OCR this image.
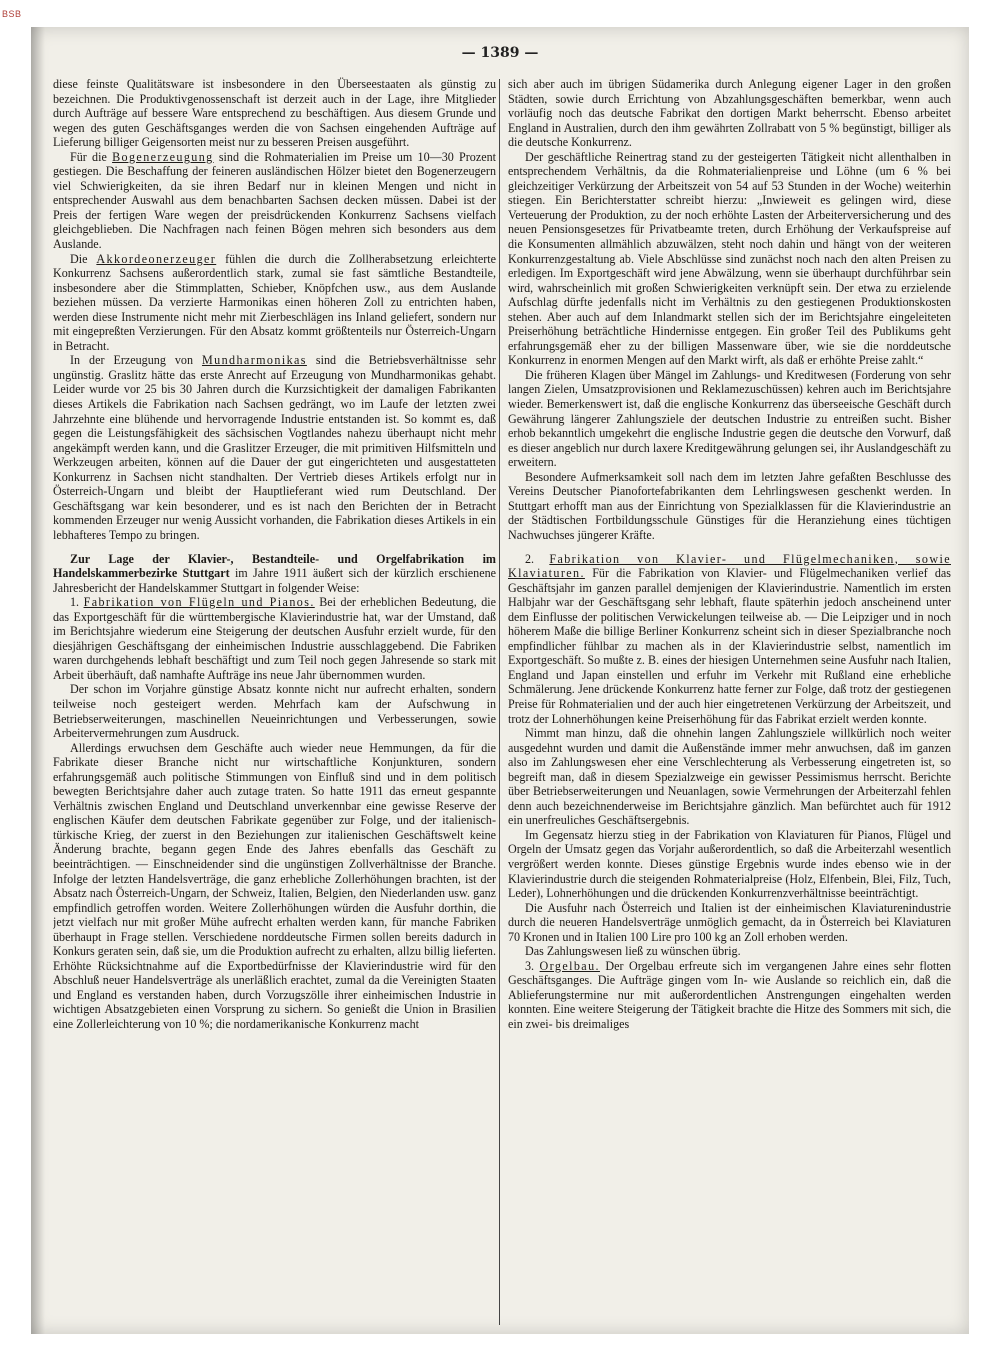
BSB
— 1389 —

diese feinste Qualitätsware ist insbesondere in den Überseestaaten als günstig zu bezeichnen. Die Produktivgenossenschaft ist derzeit auch in der Lage, ihre Mitglieder durch Aufträge auf bessere Ware entsprechend zu beschäftigen. Aus diesem Grunde und wegen des guten Geschäftsganges werden die von Sachsen eingehenden Aufträge auf Lieferung billiger Geigensorten meist nur zu besseren Preisen ausgeführt.

Für die Bogenerzeugung sind die Rohmaterialien im Preise um 10—30 Prozent gestiegen. Die Beschaffung der feineren ausländischen Hölzer bietet den Bogenerzeugern viel Schwierigkeiten, da sie ihren Bedarf nur in kleinen Mengen und nicht in entsprechender Auswahl aus dem benachbarten Sachsen decken müssen. Dabei ist der Preis der fertigen Ware wegen der preisdrückenden Konkurrenz Sachsens vielfach gleichgeblieben. Die Nachfragen nach feinen Bögen mehren sich besonders aus dem Auslande.

Die Akkordeonerzeuger fühlen die durch die Zollherabsetzung erleichterte Konkurrenz Sachsens außerordentlich stark, zumal sie fast sämtliche Bestandteile, insbesondere aber die Stimmplatten, Schieber, Knöpfchen usw., aus dem Auslande beziehen müssen. Da verzierte Harmonikas einen höheren Zoll zu entrichten haben, werden diese Instrumente nicht mehr mit Zierbeschlägen ins Inland geliefert, sondern nur mit eingepreßten Verzierungen. Für den Absatz kommt größtenteils nur Österreich-Ungarn in Betracht.

In der Erzeugung von Mundharmonikas sind die Betriebsverhältnisse sehr ungünstig. Graslitz hätte das erste Anrecht auf Erzeugung von Mundharmonikas gehabt. Leider wurde vor 25 bis 30 Jahren durch die Kurzsichtigkeit der damaligen Fabrikanten dieses Artikels die Fabrikation nach Sachsen gedrängt, wo im Laufe der letzten zwei Jahrzehnte eine blühende und hervorragende Industrie entstanden ist. So kommt es, daß gegen die Leistungsfähigkeit des sächsischen Vogtlandes nahezu überhaupt nicht mehr angekämpft werden kann, und die Graslitzer Erzeuger, die mit primitiven Hilfsmitteln und Werkzeugen arbeiten, können auf die Dauer der gut eingerichteten und ausgestatteten Konkurrenz in Sachsen nicht standhalten. Der Vertrieb dieses Artikels erfolgt nur in Österreich-Ungarn und bleibt der Hauptlieferant wied rum Deutschland. Der Geschäftsgang war kein besonderer, und es ist nach den Berichten der in Betracht kommenden Erzeuger nur wenig Aussicht vorhanden, die Fabrikation dieses Artikels in ein lebhafteres Tempo zu bringen.

Zur Lage der Klavier-, Bestandteile- und Orgelfabrikation im Handelskammerbezirke Stuttgart im Jahre 1911 äußert sich der kürzlich erschienene Jahresbericht der Handelskammer Stuttgart in folgender Weise:

1. Fabrikation von Flügeln und Pianos. Bei der erheblichen Bedeutung, die das Exportgeschäft für die württembergische Klavierindustrie hat, war der Umstand, daß im Berichtsjahre wiederum eine Steigerung der deutschen Ausfuhr erzielt wurde, für den diesjährigen Geschäftsgang der einheimischen Industrie ausschlaggebend. Die Fabriken waren durchgehends lebhaft beschäftigt und zum Teil noch gegen Jahresende so stark mit Arbeit überhäuft, daß namhafte Aufträge ins neue Jahr übernommen wurden.

Der schon im Vorjahre günstige Absatz konnte nicht nur aufrecht erhalten, sondern teilweise noch gesteigert werden. Mehrfach kam der Aufschwung in Betriebserweiterungen, maschinellen Neueinrichtungen und Verbesserungen, sowie Arbeitervermehrungen zum Ausdruck.

Allerdings erwuchsen dem Geschäfte auch wieder neue Hemmungen, da für die Fabrikate dieser Branche nicht nur wirtschaftliche Konjunkturen, sondern erfahrungsgemäß auch politische Stimmungen von Einfluß sind und in dem politisch bewegten Berichtsjahre daher auch zutage traten. So hatte 1911 das erneut gespannte Verhältnis zwischen England und Deutschland unverkennbar eine gewisse Reserve der englischen Käufer dem deutschen Fabrikate gegenüber zur Folge, und der italienisch-türkische Krieg, der zuerst in den Beziehungen zur italienischen Geschäftswelt keine Änderung brachte, begann gegen Ende des Jahres ebenfalls das Geschäft zu beeinträchtigen. — Einschneidender sind die ungünstigen Zollverhältnisse der Branche. Infolge der letzten Handelsverträge, die ganz erhebliche Zollerhöhungen brachten, ist der Absatz nach Österreich-Ungarn, der Schweiz, Italien, Belgien, den Niederlanden usw. ganz empfindlich getroffen worden. Weitere Zollerhöhungen würden die Ausfuhr dorthin, die jetzt vielfach nur mit großer Mühe aufrecht erhalten werden kann, für manche Fabriken überhaupt in Frage stellen. Verschiedene norddeutsche Firmen sollen bereits dadurch in Konkurs geraten sein, daß sie, um die Produktion aufrecht zu erhalten, allzu billig lieferten. Erhöhte Rücksichtnahme auf die Exportbedürfnisse der Klavierindustrie wird für den Abschluß neuer Handelsverträge als unerläßlich erachtet, zumal da die Vereinigten Staaten und England es verstanden haben, durch Vorzugszölle ihrer einheimischen Industrie in wichtigen Absatzgebieten einen Vorsprung zu sichern. So genießt die Union in Brasilien eine Zollerleichterung von 10 %; die nordamerikanische Konkurrenz macht

sich aber auch im übrigen Südamerika durch Anlegung eigener Lager in den großen Städten, sowie durch Errichtung von Abzahlungsgeschäften bemerkbar, wenn auch vorläufig noch das deutsche Fabrikat den dortigen Markt beherrscht. Ebenso arbeitet England in Australien, durch den ihm gewährten Zollrabatt von 5 % begünstigt, billiger als die deutsche Konkurrenz.

Der geschäftliche Reinertrag stand zu der gesteigerten Tätigkeit nicht allenthalben in entsprechendem Verhältnis, da die Rohmaterialienpreise und Löhne (um 6 % bei gleichzeitiger Verkürzung der Arbeitszeit von 54 auf 53 Stunden in der Woche) weiterhin stiegen. Ein Berichterstatter schreibt hierzu: „Inwieweit es gelingen wird, diese Verteuerung der Produktion, zu der noch erhöhte Lasten der Arbeiterversicherung und des neuen Pensionsgesetzes für Privatbeamte treten, durch Erhöhung der Verkaufspreise auf die Konsumenten allmählich abzuwälzen, steht noch dahin und hängt von der weiteren Konkurrenzgestaltung ab. Viele Abschlüsse sind zunächst noch nach den alten Preisen zu erledigen. Im Exportgeschäft wird jene Abwälzung, wenn sie überhaupt durchführbar sein wird, wahrscheinlich mit großen Schwierigkeiten verknüpft sein. Der etwa zu erzielende Aufschlag dürfte jedenfalls nicht im Verhältnis zu den gestiegenen Produktionskosten stehen. Aber auch auf dem Inlandmarkt stellen sich der im Berichtsjahre eingeleiteten Preiserhöhung beträchtliche Hindernisse entgegen. Ein großer Teil des Publikums geht erfahrungsgemäß eher zu der billigen Massenware über, wie sie die norddeutsche Konkurrenz in enormen Mengen auf den Markt wirft, als daß er erhöhte Preise zahlt.“

Die früheren Klagen über Mängel im Zahlungs- und Kreditwesen (Forderung von sehr langen Zielen, Umsatzprovisionen und Reklamezuschüssen) kehren auch im Berichtsjahre wieder. Bemerkenswert ist, daß die englische Konkurrenz das überseeische Geschäft durch Gewährung längerer Zahlungsziele der deutschen Industrie zu entreißen sucht. Bisher erhob bekanntlich umgekehrt die englische Industrie gegen die deutsche den Vorwurf, daß es dieser angeblich nur durch laxere Kreditgewährung gelungen sei, ihr Auslandgeschäft zu erweitern.

Besondere Aufmerksamkeit soll nach dem im letzten Jahre gefaßten Beschlusse des Vereins Deutscher Pianofortefabrikanten dem Lehrlingswesen geschenkt werden. In Stuttgart erhofft man aus der Einrichtung von Spezialklassen für die Klavierindustrie an der Städtischen Fortbildungsschule Günstiges für die Heranziehung eines tüchtigen Nachwuchses jüngerer Kräfte.

2. Fabrikation von Klavier- und Flügelmechaniken, sowie Klaviaturen. Für die Fabrikation von Klavier- und Flügelmechaniken verlief das Geschäftsjahr im ganzen parallel demjenigen der Klavierindustrie. Namentlich im ersten Halbjahr war der Geschäftsgang sehr lebhaft, flaute späterhin jedoch anscheinend unter dem Einflusse der politischen Verwickelungen teilweise ab. — Die Leipziger und in noch höherem Maße die billige Berliner Konkurrenz scheint sich in dieser Spezialbranche noch empfindlicher fühlbar zu machen als in der Klavierindustrie selbst, namentlich im Exportgeschäft. So mußte z. B. eines der hiesigen Unternehmen seine Ausfuhr nach Italien, England und Japan einstellen und erfuhr im Verkehr mit Rußland eine erhebliche Schmälerung. Jene drückende Konkurrenz hatte ferner zur Folge, daß trotz der gestiegenen Preise für Rohmaterialien und der auch hier eingetretenen Verkürzung der Arbeitszeit, und trotz der Lohnerhöhungen keine Preiserhöhung für das Fabrikat erzielt werden konnte.

Nimmt man hinzu, daß die ohnehin langen Zahlungsziele willkürlich noch weiter ausgedehnt wurden und damit die Außenstände immer mehr anwuchsen, daß im ganzen also im Zahlungswesen eher eine Verschlechterung als Verbesserung eingetreten ist, so begreift man, daß in diesem Spezialzweige ein gewisser Pessimismus herrscht. Berichte über Betriebserweiterungen und Neuanlagen, sowie Vermehrungen der Arbeiterzahl fehlen denn auch bezeichnenderweise im Berichtsjahre gänzlich. Man befürchtet auch für 1912 ein unerfreuliches Geschäftsergebnis.

Im Gegensatz hierzu stieg in der Fabrikation von Klaviaturen für Pianos, Flügel und Orgeln der Umsatz gegen das Vorjahr außerordentlich, so daß die Arbeiterzahl wesentlich vergrößert werden konnte. Dieses günstige Ergebnis wurde indes ebenso wie in der Klavierindustrie durch die steigenden Rohmaterialpreise (Holz, Elfenbein, Blei, Filz, Tuch, Leder), Lohnerhöhungen und die drückenden Konkurrenzverhältnisse beeinträchtigt.

Die Ausfuhr nach Österreich und Italien ist der einheimischen Klaviaturenindustrie durch die neueren Handelsverträge unmöglich gemacht, da in Österreich bei Klaviaturen 70 Kronen und in Italien 100 Lire pro 100 kg an Zoll erhoben werden.

Das Zahlungswesen ließ zu wünschen übrig.

3. Orgelbau. Der Orgelbau erfreute sich im vergangenen Jahre eines sehr flotten Geschäftsganges. Die Aufträge gingen vom In- wie Auslande so reichlich ein, daß die Ablieferungstermine nur mit außerordentlichen Anstrengungen eingehalten werden konnten. Eine weitere Steigerung der Tätigkeit brachte die Hitze des Sommers mit sich, die ein zwei- bis dreimaliges
